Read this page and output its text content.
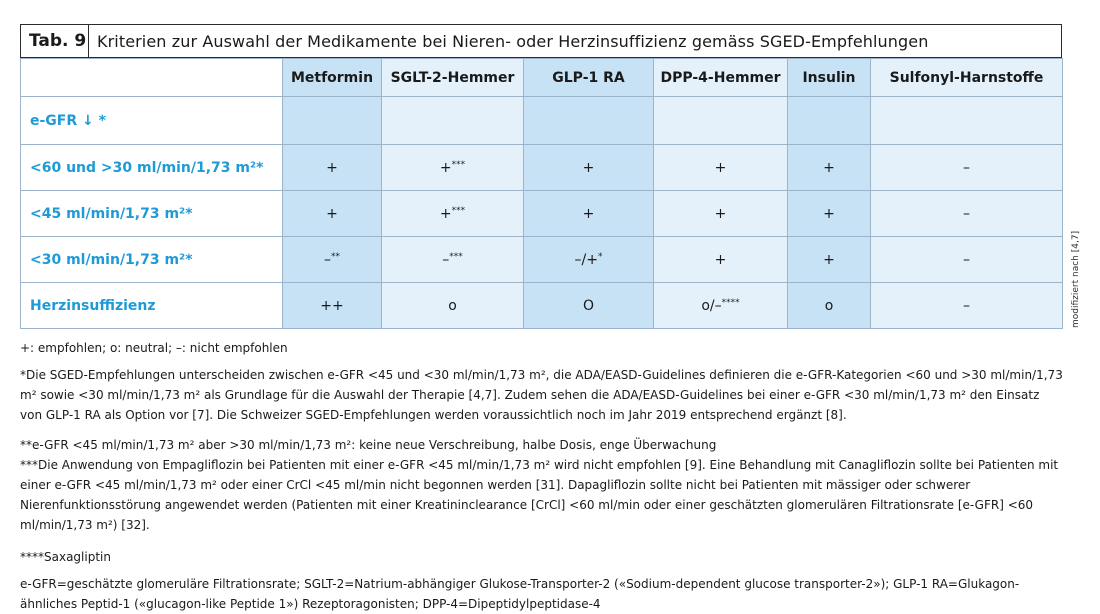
Tab. 9 Kriterien zur Auswahl der Medikamente bei Nieren- oder Herzinsuffizienz gemäss SGED-Empfehlungen
	Metformin	SGLT-2-Hemmer	GLP-1 RA	DPP-4-Hemmer	Insulin	Sulfonyl-Harnstoffe
e-GFR ↓ *						
<60 und >30 ml/min/1,73 m²*	+	+***	+	+	+	–
<45 ml/min/1,73 m²*	+	+***	+	+	+	–
<30 ml/min/1,73 m²*	–**	–***	–/+*	+	+	–
Herzinsuffizienz	++	o	O	o/–****	o	–	modifiziert nach [4,7]

+: empfohlen; o: neutral; –: nicht empfohlen

*Die SGED-Empfehlungen unterscheiden zwischen e-GFR <45 und <30 ml/min/1,73 m², die ADA/EASD-Guidelines definieren die e-GFR-Kategorien <60 und >30 ml/min/1,73 m² sowie <30 ml/min/1,73 m² als Grundlage für die Auswahl der Therapie [4,7]. Zudem sehen die ADA/EASD-Guidelines bei einer e-GFR <30 ml/min/1,73 m² den Einsatz von GLP-1 RA als Option vor [7]. Die Schweizer SGED-Empfehlungen werden voraussichtlich noch im Jahr 2019 entsprechend ergänzt [8].

**e-GFR <45 ml/min/1,73 m² aber >30 ml/min/1,73 m²: keine neue Verschreibung, halbe Dosis, enge Überwachung

***Die Anwendung von Empagliflozin bei Patienten mit einer e-GFR <45 ml/min/1,73 m² wird nicht empfohlen [9]. Eine Behandlung mit Canagliflozin sollte bei Patienten mit einer e-GFR <45 ml/min/1,73 m² oder einer CrCl <45 ml/min nicht begonnen werden [31]. Dapagliflozin sollte nicht bei Patienten mit mässiger oder schwerer Nierenfunktionsstörung angewendet werden (Patienten mit einer Kreatininclearance [CrCl] <60 ml/min oder einer geschätzten glomerulären Filtrationsrate [e-GFR] <60 ml/min/1,73 m²) [32].

****Saxagliptin

e-GFR=geschätzte glomeruläre Filtrationsrate; SGLT-2=Natrium-abhängiger Glukose-Transporter-2 («Sodium-dependent glucose transporter-2»); GLP-1 RA=Glukagon-ähnliches Peptid-1 («glucagon-like Peptide 1») Rezeptoragonisten; DPP-4=Dipeptidylpeptidase-4
